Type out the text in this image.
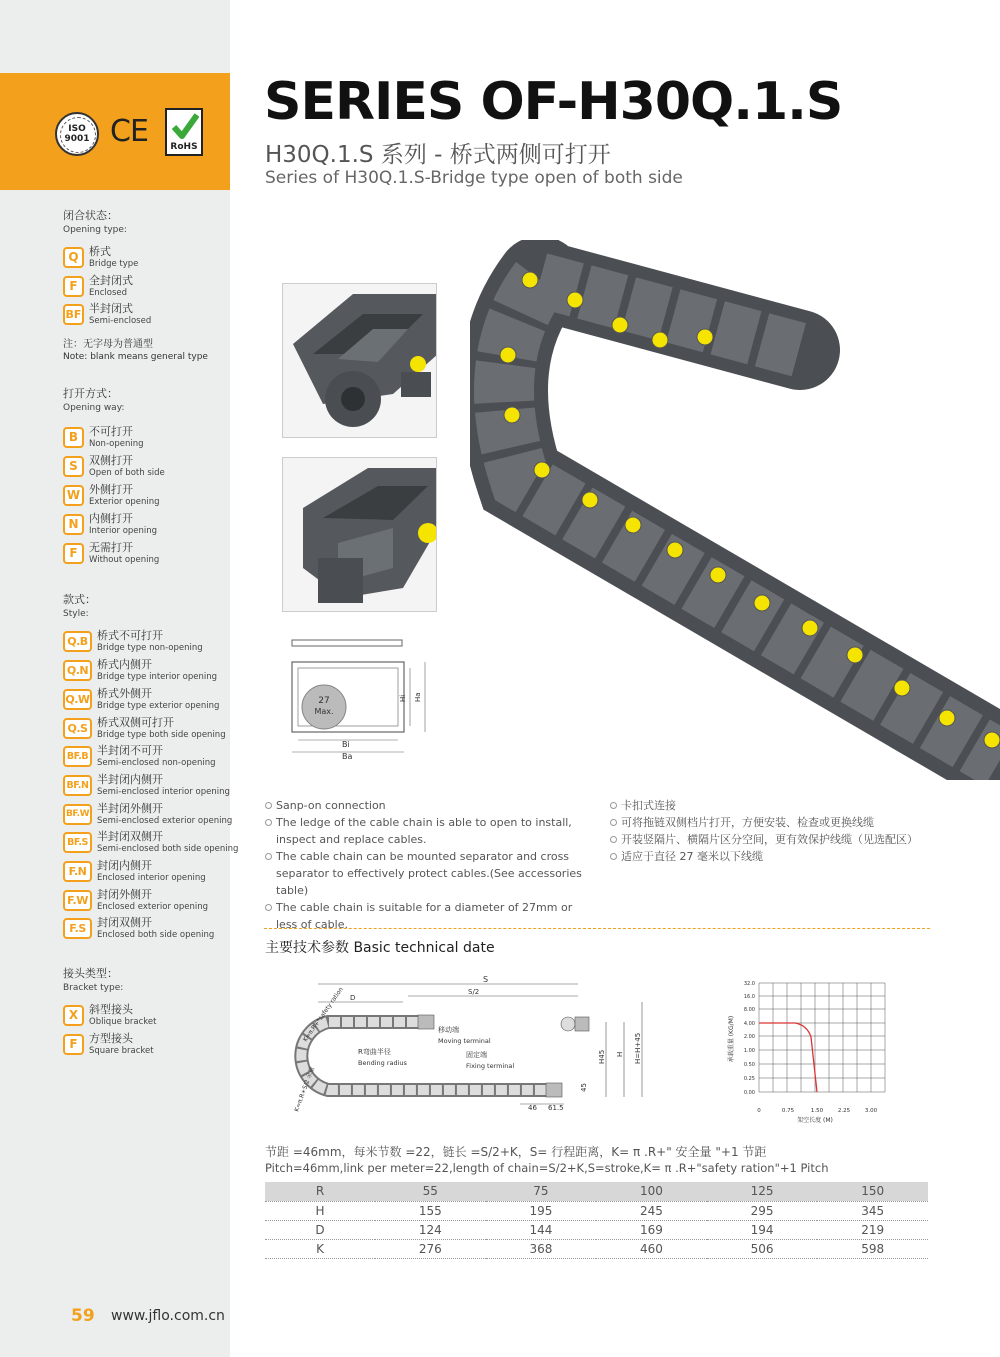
ISO 9001 CE	RoHS
闭合状态：
Opening type:
Q 桥式
Bridge type
F	全封闭式
Enclosed
BF 半封闭式
Semi-enclosed
注：无字母为普通型
Note: blank means general type
打开方式：
Opening way:
B 不可打开
Non-opening
S	双侧打开
Open of both side
W 外侧打开
Exterior opening
N 内侧打开
Interior opening
F	无需打开
Without opening
款式：
Style:
Q.B 桥式不可打开
Bridge type non-opening
Q.N 桥式内侧开
Bridge type interior opening
Q.W 桥式外侧开
Bridge type exterior opening
Q.S 桥式双侧可打开
Bridge type both side opening
BF.B 半封闭不可开
Semi-enclosed non-opening
BF.N 半封闭内侧开
Semi-enclosed interior opening
BF.W 半封闭外侧开
Semi-enclosed exterior opening
BF.S 半封闭双侧开
Semi-enclosed both side opening
F.N 封闭内侧开
Enclosed interior opening
F.W 封闭外侧开
Enclosed exterior opening
F.S	封闭双侧开
Enclosed both side opening
接头类型：
Bracket type:
X 斜型接头
Oblique bracket
F	方型接头
Square bracket
59 www.jflo.com.cn
SERIES OF-H30Q.1.S
H30Q.1.S 系列 - 桥式两侧可打开
Series of H30Q.1.S-Bridge type open of both side
27
Max.
Hi Ha
Bi
Ba
Sanp-on connection
The ledge of the cable chain is able to open to install, inspect and replace cables.
The cable chain can be mounted separator and cross separator to effectively protect cables.(See accessories table)
The cable chain is suitable for a diameter of 27mm or less of cable.
卡扣式连接
可将拖链双侧档片打开，方便安装、检查或更换线缆
开装竖隔片、横隔片区分空间，更有效保护线缆（见选配区）
适应于直径 27 毫米以下线缆
主要技术参数 Basic technical date
S
S/2
D
移动端
Moving terminal
固定端
Fixing terminal
R弯曲半径
Bending radius
K=π.R+*safety ration
K=π.R+S/2 余量
H45 H H=H+45
45
46 61.5
32.0
16.0
8.00
4.00
2.00
1.00
0.50
0.25
0.00
0	0.75	1.50	2.25	3.00
架空长度 (M)
承载重量 (KG/M)
节距 =46mm，每米节数 =22，链长 =S/2+K，S= 行程距离，K= π .R+" 安全量 "+1 节距
Pitch=46mm,link per meter=22,length of chain=S/2+K,S=stroke,K= π .R+"safety ration"+1 Pitch
R	55	75	100	125	150
H	155	195	245	295	345
D	124	144	169	194	219
K	276	368	460	506	598
